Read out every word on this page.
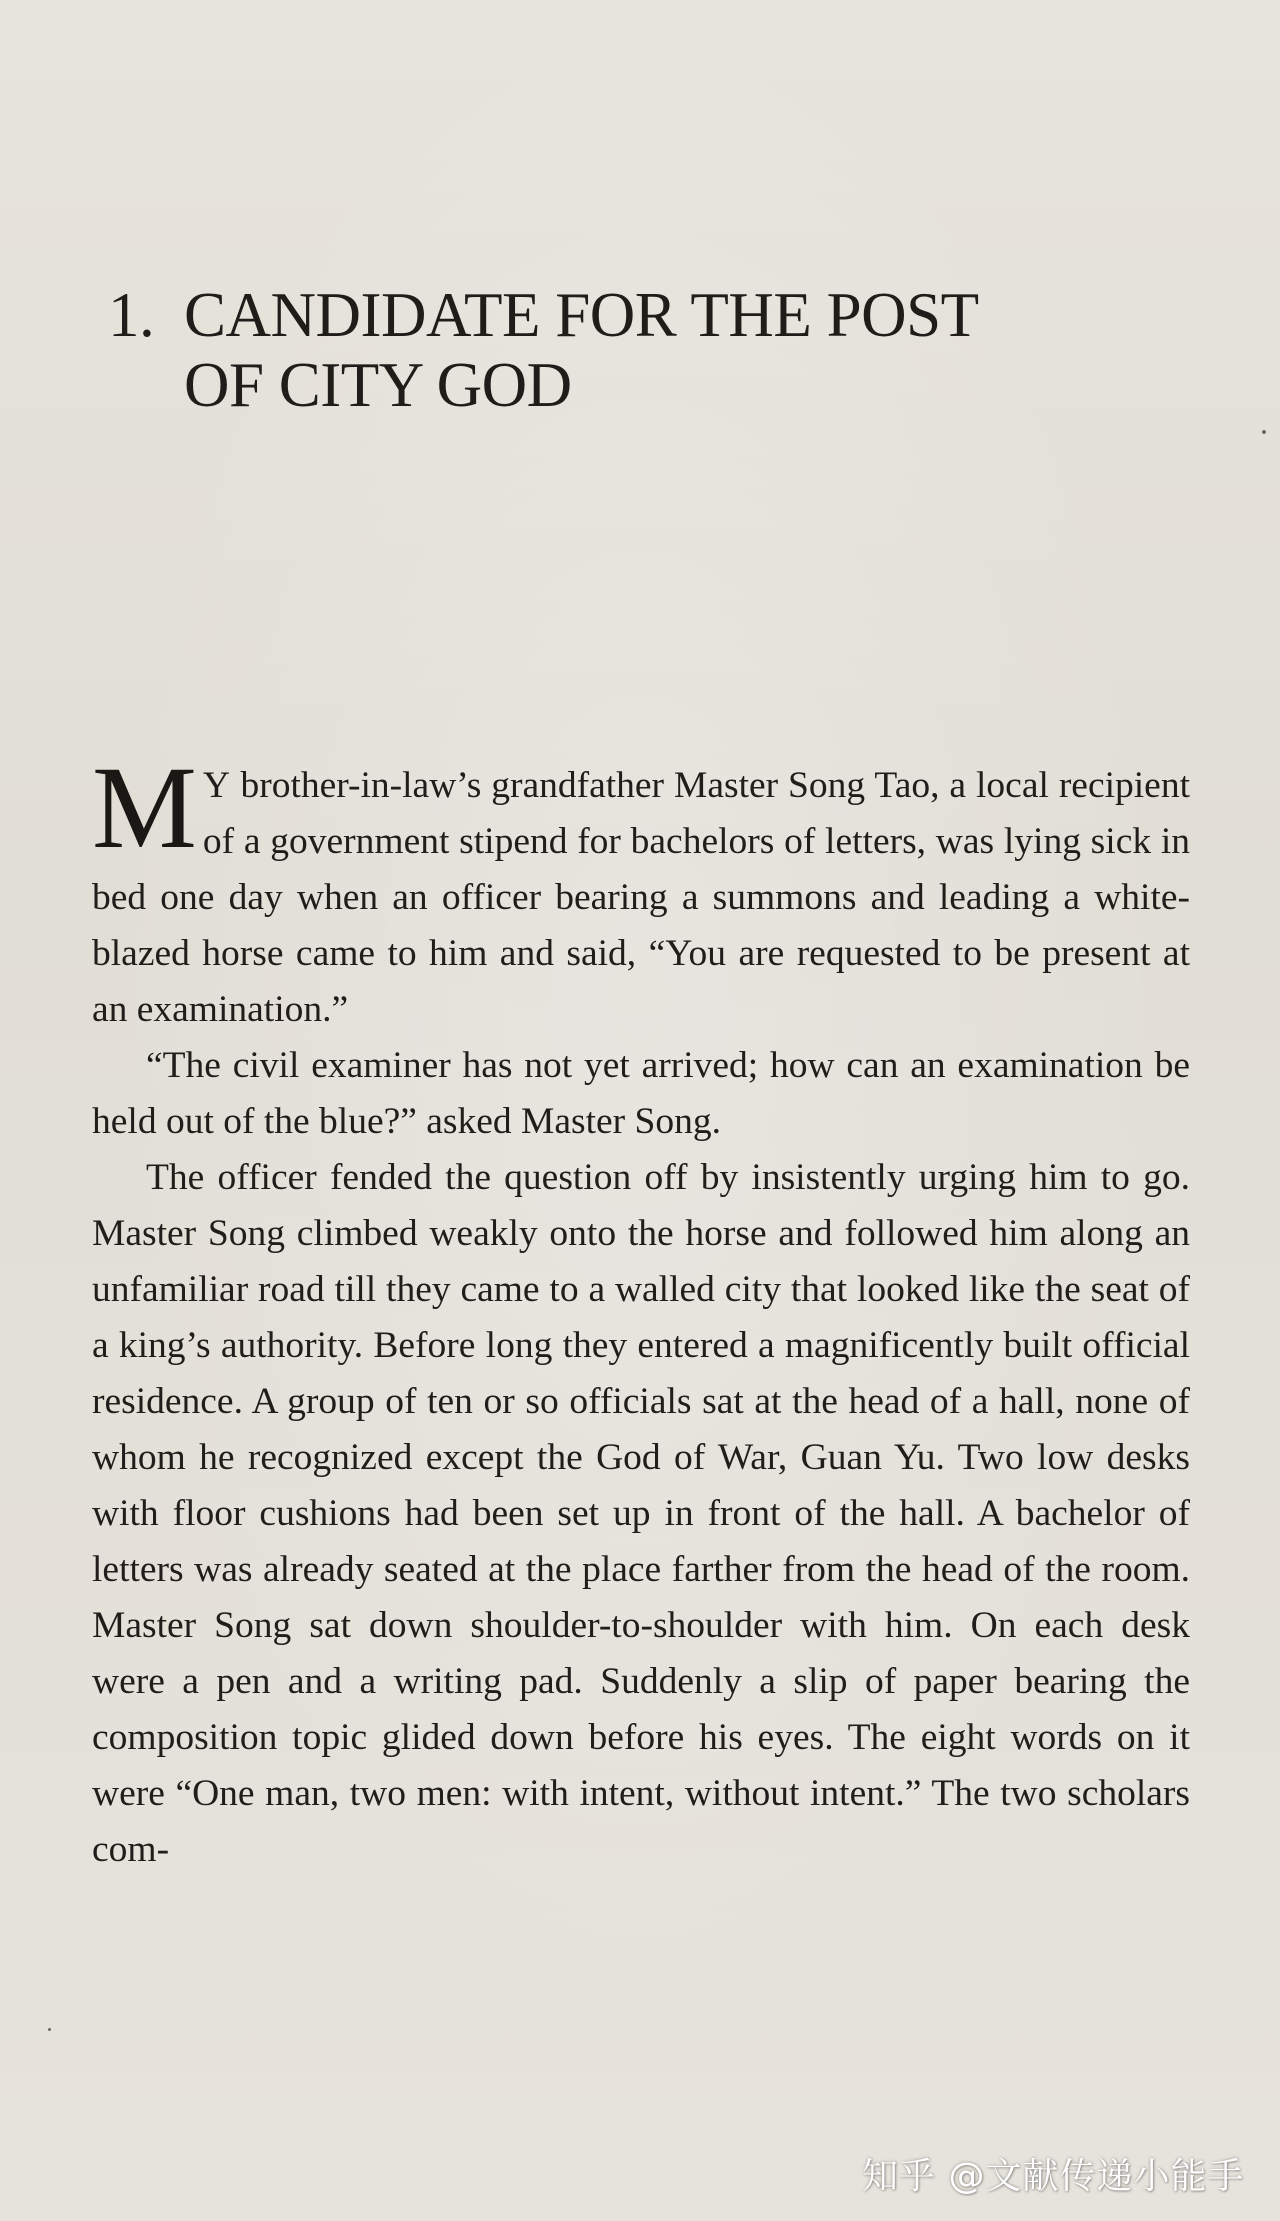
1. CANDIDATE FOR THE POST
OF CITY GOD

M Y brother-in-law’s grandfather Master Song Tao, a local recipient of a government stipend for bachelors of letters, was lying sick in bed one day when an officer bearing a summons and leading a white-blazed horse came to him and said, “You are requested to be present at an examination.”

“The civil examiner has not yet arrived; how can an examination be held out of the blue?” asked Master Song.

The officer fended the question off by insistently urging him to go. Master Song climbed weakly onto the horse and followed him along an unfamiliar road till they came to a walled city that looked like the seat of a king’s authority. Before long they entered a magnificently built official residence. A group of ten or so officials sat at the head of a hall, none of whom he recognized except the God of War, Guan Yu. Two low desks with floor cushions had been set up in front of the hall. A bachelor of letters was already seated at the place farther from the head of the room. Master Song sat down shoulder-to-shoulder with him. On each desk were a pen and a writing pad. Suddenly a slip of paper bearing the composition topic glided down before his eyes. The eight words on it were “One man, two men: with intent, without intent.” The two scholars com-

知乎 @文献传递小能手
